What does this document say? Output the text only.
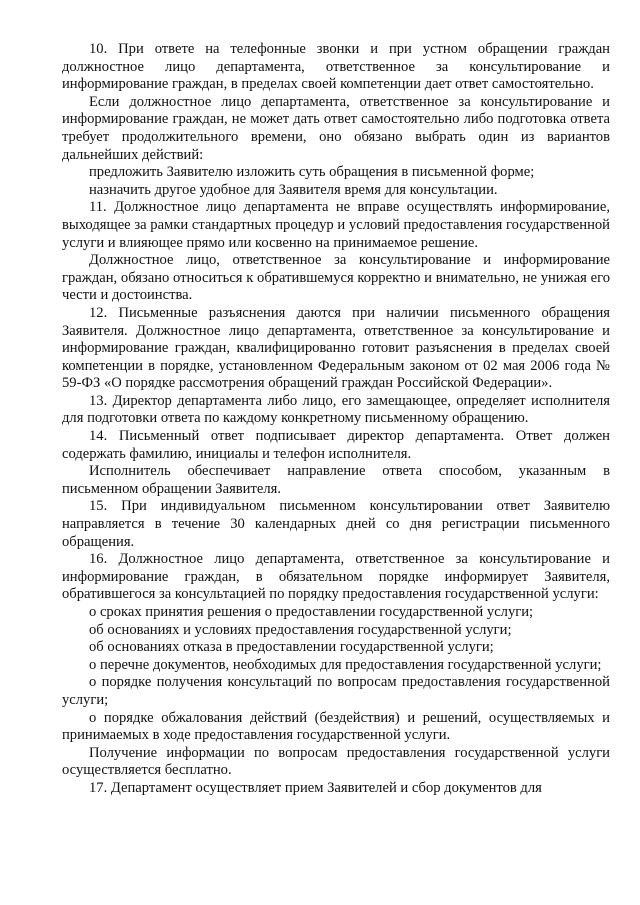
10. При ответе на телефонные звонки и при устном обращении граждан должностное лицо департамента, ответственное за консультирование и информирование граждан, в пределах своей компетенции дает ответ самостоятельно.

Если должностное лицо департамента, ответственное за консультирование и информирование граждан, не может дать ответ самостоятельно либо подготовка ответа требует продолжительного времени, оно обязано выбрать один из вариантов дальнейших действий:

предложить Заявителю изложить суть обращения в письменной форме;

назначить другое удобное для Заявителя время для консультации.

11. Должностное лицо департамента не вправе осуществлять информирование, выходящее за рамки стандартных процедур и условий предоставления государственной услуги и влияющее прямо или косвенно на принимаемое решение.

Должностное лицо, ответственное за консультирование и информирование граждан, обязано относиться к обратившемуся корректно и внимательно, не унижая его чести и достоинства.

12. Письменные разъяснения даются при наличии письменного обращения Заявителя. Должностное лицо департамента, ответственное за консультирование и информирование граждан, квалифицированно готовит разъяснения в пределах своей компетенции в порядке, установленном Федеральным законом от 02 мая 2006 года № 59-ФЗ «О порядке рассмотрения обращений граждан Российской Федерации».

13. Директор департамента либо лицо, его замещающее, определяет исполнителя для подготовки ответа по каждому конкретному письменному обращению.

14. Письменный ответ подписывает директор департамента. Ответ должен содержать фамилию, инициалы и телефон исполнителя.

Исполнитель обеспечивает направление ответа способом, указанным в письменном обращении Заявителя.

15. При индивидуальном письменном консультировании ответ Заявителю направляется в течение 30 календарных дней со дня регистрации письменного обращения.

16. Должностное лицо департамента, ответственное за консультирование и информирование граждан, в обязательном порядке информирует Заявителя, обратившегося за консультацией по порядку предоставления государственной услуги:

о сроках принятия решения о предоставлении государственной услуги;

об основаниях и условиях предоставления государственной услуги;

об основаниях отказа в предоставлении государственной услуги;

о перечне документов, необходимых для предоставления государственной услуги;

о порядке получения консультаций по вопросам предоставления государственной услуги;

о порядке обжалования действий (бездействия) и решений, осуществляемых и принимаемых в ходе предоставления государственной услуги.

Получение информации по вопросам предоставления государственной услуги осуществляется бесплатно.

17. Департамент осуществляет прием Заявителей и сбор документов для
